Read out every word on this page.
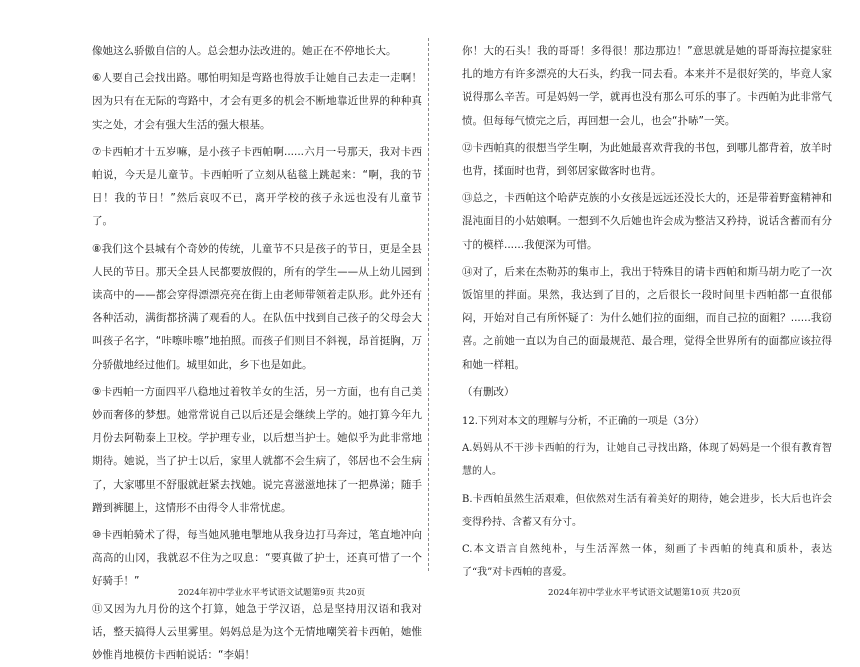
像她这么骄傲自信的人。总会想办法改进的。她正在不停地长大。

⑥人要自己会找出路。哪怕明知是弯路也得放手让她自己去走一走啊！因为只有在无际的弯路中，才会有更多的机会不断地靠近世界的种种真实之处，才会有强大生活的强大根基。

⑦卡西帕才十五岁嘛，是小孩子卡西帕啊......六月一号那天，我对卡西帕说，今天是儿童节。卡西帕听了立刻从毡毯上跳起来：“啊，我的节日！我的节日！”然后哀叹不已，离开学校的孩子永远也没有儿童节了。

⑧我们这个县城有个奇妙的传统，儿童节不只是孩子的节日，更是全县人民的节日。那天全县人民都要放假的，所有的学生——从上幼儿园到读高中的——都会穿得漂漂亮亮在街上由老师带领着走队形。此外还有各种活动，满街都挤满了观看的人。在队伍中找到自己孩子的父母会大叫孩子名字，“咔嚓咔嚓”地拍照。而孩子们则目不斜视，昂首挺胸，万分骄傲地经过他们。城里如此，乡下也是如此。

⑨卡西帕一方面四平八稳地过着牧羊女的生活，另一方面，也有自己美妙而奢侈的梦想。她常常说自己以后还是会继续上学的。她打算今年九月份去阿勒泰上卫校。学护理专业，以后想当护士。她似乎为此非常地期待。她说，当了护士以后，家里人就都不会生病了，邻居也不会生病了，大家哪里不舒服就赶紧去找她。说完喜滋滋地抹了一把鼻涕；随手蹭到裤腿上，这情形不由得令人非常忧虑。

⑩卡西帕骑术了得，每当她风驰电掣地从我身边打马奔过，笔直地冲向高高的山冈，我就忍不住为之叹息：“要真做了护士，还真可惜了一个好骑手！”

⑪又因为九月份的这个打算，她急于学汉语，总是坚持用汉语和我对话，整天搞得人云里雾里。妈妈总是为这个无情地嘲笑着卡西帕，她惟妙惟肖地模仿卡西帕说话：“李娟！

2024年初中学业水平考试语文试题第9页 共20页

你！大的石头！我的哥哥！多得很！那边那边！”意思就是她的哥哥海拉提家驻扎的地方有许多漂亮的大石头，约我一同去看。本来并不是很好笑的，毕竟人家说得那么辛苦。可是妈妈一学，就再也没有那么可乐的事了。卡西帕为此非常气愤。但每每气愤完之后，再回想一会儿，也会“扑哧”一笑。

⑫卡西帕真的很想当学生啊，为此她最喜欢背我的书包，到哪儿都背着，放羊时也背，揉面时也背，到邻居家做客时也背。

⑬总之，卡西帕这个哈萨克族的小女孩是远远还没长大的，还是带着野蛮精神和混沌面目的小姑娘啊。一想到不久后她也许会成为整洁又矜持，说话含蓄而有分寸的模样......我便深为可惜。

⑭对了，后来在杰勒苏的集市上，我出于特殊目的请卡西帕和斯马胡力吃了一次饭馆里的拌面。果然，我达到了目的，之后很长一段时间里卡西帕都一直很郁闷，开始对自己有所怀疑了：为什么她们拉的面细，而自己拉的面粗？......我窃喜。之前她一直以为自己的面最规范、最合理，觉得全世界所有的面都应该拉得和她一样粗。

（有删改）

12.下列对本文的理解与分析，不正确的一项是（3分）

A.妈妈从不干涉卡西帕的行为，让她自己寻找出路，体现了妈妈是一个很有教育智慧的人。

B.卡西帕虽然生活艰难，但依然对生活有着美好的期待，她会进步，长大后也许会变得矜持、含蓄又有分寸。

C.本文语言自然纯朴，与生活浑然一体，刻画了卡西帕的纯真和质朴，表达了“我”对卡西帕的喜爱。

2024年初中学业水平考试语文试题第10页 共20页
